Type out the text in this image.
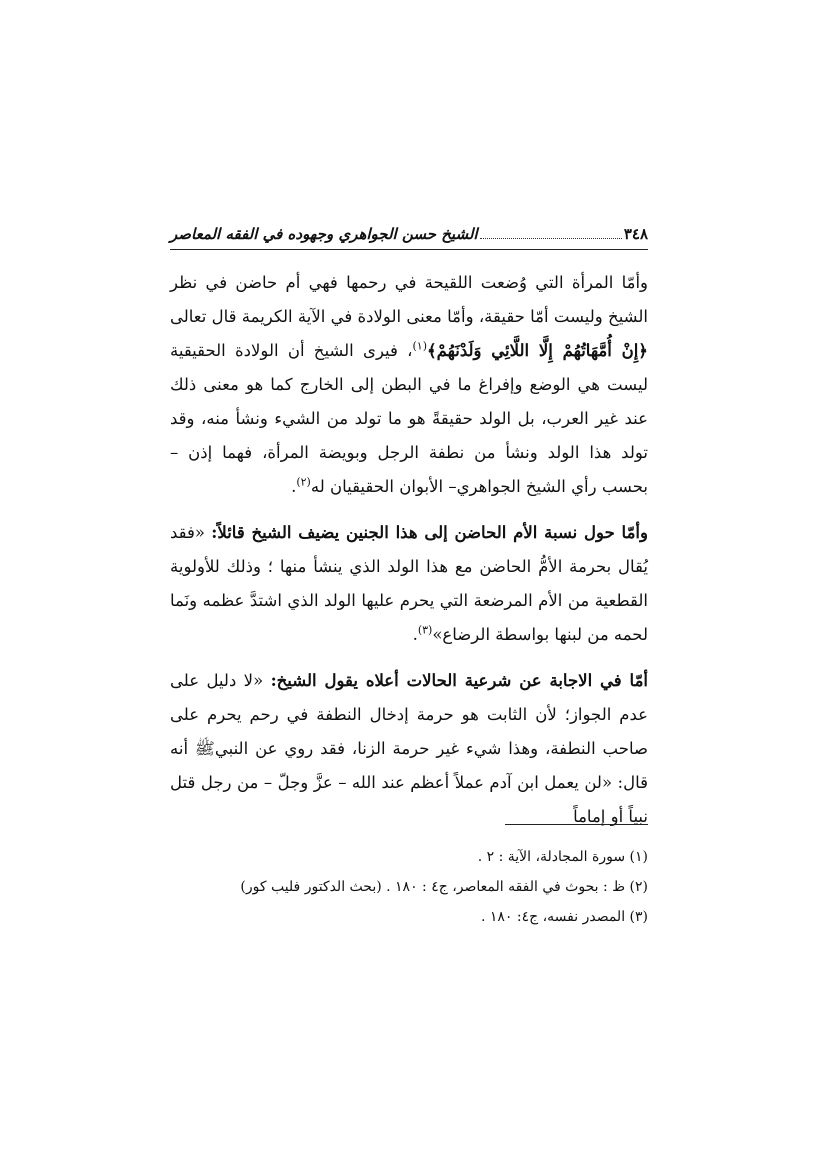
٣٤٨
الشيخ حسن الجواهري وجهوده في الفقه المعاصر

وأمّا المرأة التي وُضعت اللقيحة في رحمها فهي أم حاضن في نظر الشيخ وليست أمّا حقيقة، وأمّا معنى الولادة في الآية الكريمة قال تعالى ﴿إِنْ أُمَّهَاتُهُمْ إِلَّا اللَّائِي وَلَدْنَهُمْ﴾$^{(١)}$، فيرى الشيخ أن الولادة الحقيقية ليست هي الوضع وإفراغ ما في البطن إلى الخارج كما هو معنى ذلك عند غير العرب، بل الولد حقيقةً هو ما تولد من الشيء ونشأ منه، وقد تولد هذا الولد ونشأ من نطفة الرجل وبويضة المرأة، فهما إذن – بحسب رأي الشيخ الجواهري– الأبوان الحقيقيان له$^{(٢)}$.

وأمّا حول نسبة الأم الحاضن إلى هذا الجنين يضيف الشيخ قائلاً: «فقد يُقال بحرمة الأمُّ الحاضن مع هذا الولد الذي ينشأ منها ؛ وذلك للأولوية القطعية من الأم المرضعة التي يحرم عليها الولد الذي اشتدَّ عظمه ونَما لحمه من لبنها بواسطة الرضاع»$^{(٣)}$.

أمّا في الاجابة عن شرعية الحالات أعلاه يقول الشيخ: «لا دليل على عدم الجواز؛ لأن الثابت هو حرمة إدخال النطفة في رحم يحرم على صاحب النطفة، وهذا شيء غير حرمة الزنا، فقد روي عن النبيﷺ أنه قال: «لن يعمل ابن آدم عملاً أعظم عند الله – عزَّ وجلّ – من رجل قتل نبياً أو إماماً

(١) سورة المجادلة، الآية : ٢ .

(٢) ظ : بحوث في الفقه المعاصر، ج٤ : ١٨٠ . (بحث الدكتور فليب كور)

(٣) المصدر نفسه، ج٤: ١٨٠ .
